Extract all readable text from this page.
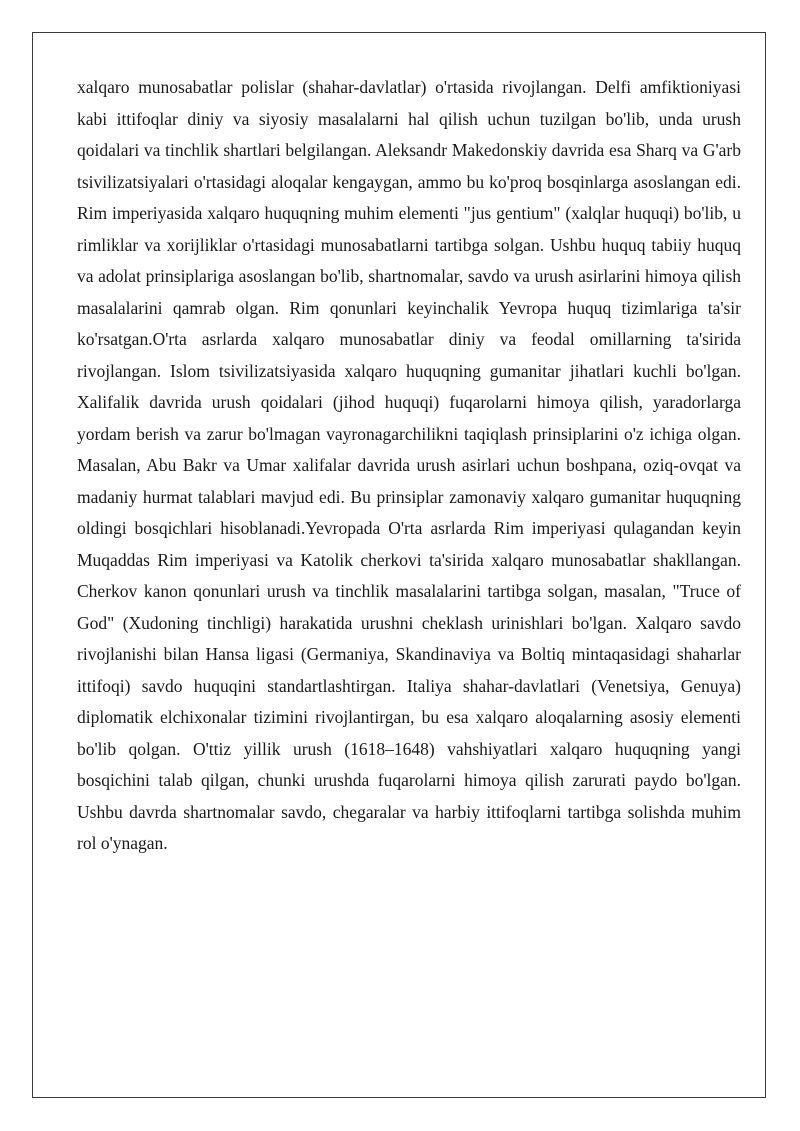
xalqaro munosabatlar polislar (shahar-davlatlar) o'rtasida rivojlangan. Delfi amfiktioniyasi kabi ittifoqlar diniy va siyosiy masalalarni hal qilish uchun tuzilgan bo'lib, unda urush qoidalari va tinchlik shartlari belgilangan. Aleksandr Makedonskiy davrida esa Sharq va G'arb tsivilizatsiyalari o'rtasidagi aloqalar kengaygan, ammo bu ko'proq bosqinlarga asoslangan edi. Rim imperiyasida xalqaro huquqning muhim elementi "jus gentium" (xalqlar huquqi) bo'lib, u rimliklar va xorijliklar o'rtasidagi munosabatlarni tartibga solgan. Ushbu huquq tabiiy huquq va adolat prinsiplariga asoslangan bo'lib, shartnomalar, savdo va urush asirlarini himoya qilish masalalarini qamrab olgan. Rim qonunlari keyinchalik Yevropa huquq tizimlariga ta'sir ko'rsatgan.O'rta asrlarda xalqaro munosabatlar diniy va feodal omillarning ta'sirida rivojlangan. Islom tsivilizatsiyasida xalqaro huquqning gumanitar jihatlari kuchli bo'lgan. Xalifalik davrida urush qoidalari (jihod huquqi) fuqarolarni himoya qilish, yaradorlarga yordam berish va zarur bo'lmagan vayronagarchilikni taqiqlash prinsiplarini o'z ichiga olgan. Masalan, Abu Bakr va Umar xalifalar davrida urush asirlari uchun boshpana, oziq-ovqat va madaniy hurmat talablari mavjud edi. Bu prinsiplar zamonaviy xalqaro gumanitar huquqning oldingi bosqichlari hisoblanadi.Yevropada O'rta asrlarda Rim imperiyasi qulagandan keyin Muqaddas Rim imperiyasi va Katolik cherkovi ta'sirida xalqaro munosabatlar shakllangan. Cherkov kanon qonunlari urush va tinchlik masalalarini tartibga solgan, masalan, "Truce of God" (Xudoning tinchligi) harakatida urushni cheklash urinishlari bo'lgan. Xalqaro savdo rivojlanishi bilan Hansa ligasi (Germaniya, Skandinaviya va Boltiq mintaqasidagi shaharlar ittifoqi) savdo huquqini standartlashtirgan. Italiya shahar-davlatlari (Venetsiya, Genuya) diplomatik elchixonalar tizimini rivojlantirgan, bu esa xalqaro aloqalarning asosiy elementi bo'lib qolgan. O'ttiz yillik urush (1618–1648) vahshiyatlari xalqaro huquqning yangi bosqichini talab qilgan, chunki urushda fuqarolarni himoya qilish zarurati paydo bo'lgan. Ushbu davrda shartnomalar savdo, chegaralar va harbiy ittifoqlarni tartibga solishda muhim rol o'ynagan.
